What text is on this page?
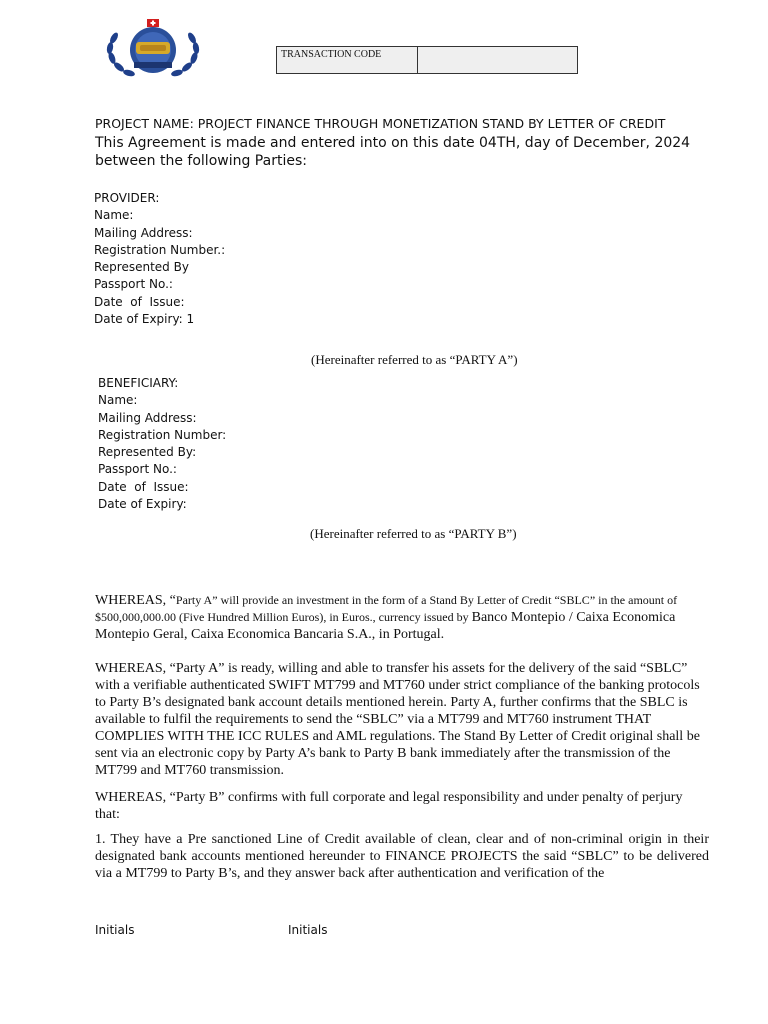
TRANSACTION CODE
PROJECT NAME: PROJECT FINANCE THROUGH MONETIZATION STAND BY LETTER OF CREDIT
This Agreement is made and entered into on this date 04TH, day of December, 2024 between the following Parties:
PROVIDER:
Name:
Mailing Address:
Registration Number.:
Represented By
Passport No.:
Date  of  Issue:
Date of Expiry: 1
(Hereinafter referred to as “PARTY A”)
BENEFICIARY:
Name:
Mailing Address:
Registration Number:
Represented By:
Passport No.:
Date  of  Issue:
Date of Expiry:
(Hereinafter referred to as “PARTY B”)
WHEREAS, “Party A” will provide an investment in the form of a Stand By Letter of Credit “SBLC” in the amount of $500,000,000.00 (Five Hundred Million Euros), in Euros., currency issued by Banco Montepio / Caixa Economica Montepio Geral, Caixa Economica Bancaria S.A., in Portugal.
WHEREAS, “Party A” is ready, willing and able to transfer his assets for the delivery of the said “SBLC” with a verifiable authenticated SWIFT MT799 and MT760 under strict compliance of the banking protocols to Party B’s designated bank account details mentioned herein. Party A, further confirms that the SBLC is available to fulfil the requirements to send the “SBLC” via a MT799 and MT760 instrument THAT COMPLIES WITH THE ICC RULES and AML regulations. The Stand By Letter of Credit original shall be sent via an electronic copy by Party A’s bank to Party B bank immediately after the transmission of the MT799 and MT760 transmission.
WHEREAS, “Party B” confirms with full corporate and legal responsibility and under penalty of perjury that:
1. They have a Pre sanctioned Line of Credit available of clean, clear and of non-criminal origin in their designated bank accounts mentioned hereunder to FINANCE PROJECTS the said “SBLC” to be delivered via a MT799 to Party B’s, and they answer back after authentication and verification of the
Initials	Initials
